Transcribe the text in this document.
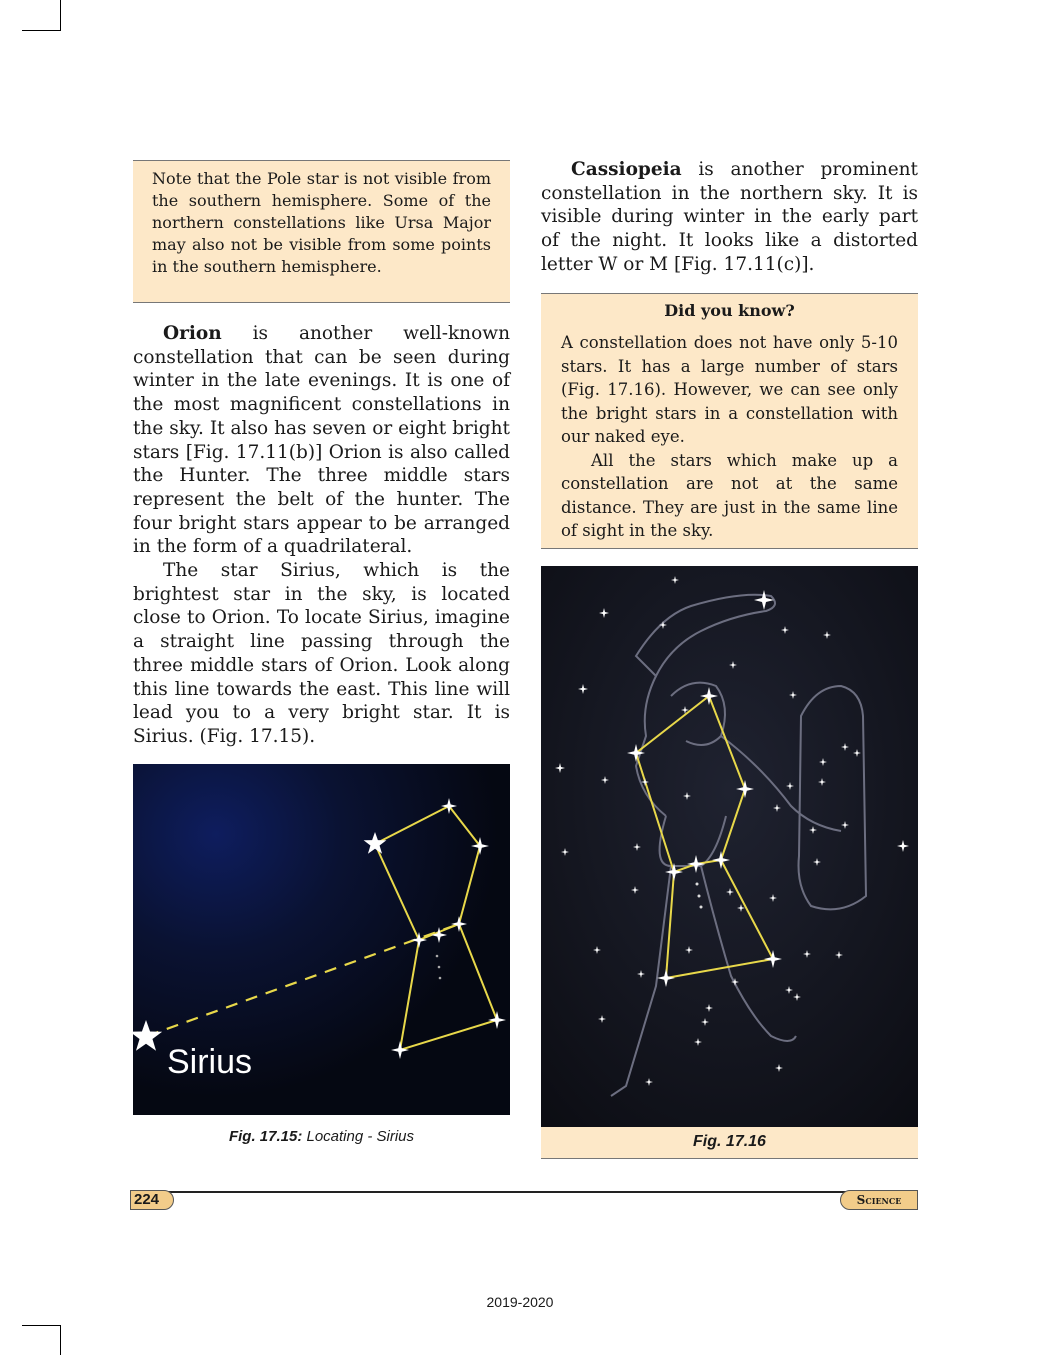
Note that the Pole star is not visible from the southern hemisphere. Some of the northern constellations like Ursa Major may also not be visible from some points in the southern hemisphere.

Orion is another well-known constellation that can be seen during winter in the late evenings. It is one of the most magnificent constellations in the sky. It also has seven or eight bright stars [Fig. 17.11(b)] Orion is also called the Hunter. The three middle stars represent the belt of the hunter. The four bright stars appear to be arranged in the form of a quadrilateral.

The star Sirius, which is the brightest star in the sky, is located close to Orion. To locate Sirius, imagine a straight line passing through the three middle stars of Orion. Look along this line towards the east. This line will lead you to a very bright star. It is Sirius. (Fig. 17.15).

Cassiopeia is another prominent constellation in the northern sky. It is visible during winter in the early part of the night. It looks like a distorted letter W or M [Fig. 17.11(c)].

Did you know?

A constellation does not have only 5-10 stars. It has a large number of stars (Fig. 17.16). However, we can see only the bright stars in a constellation with our naked eye.

All the stars which make up a constellation are not at the same distance. They are just in the same line of sight in the sky.

Sirius
Fig. 17.15: Locating - Sirius	Fig. 17.16
224	Science
2019-2020
